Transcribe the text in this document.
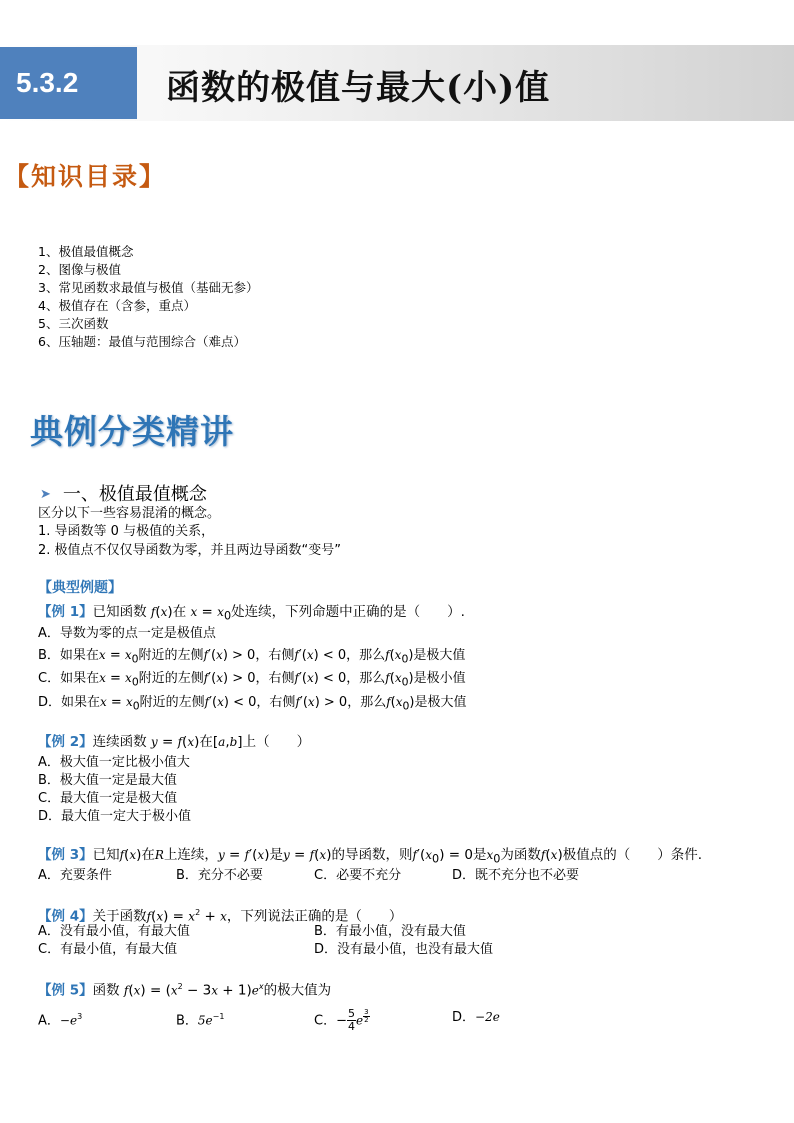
5.3.2	函数的极值与最大(小)值
【知识目录】
1、极值最值概念
2、图像与极值
3、常见函数求最值与极值（基础无参）
4、极值存在（含参，重点）
5、三次函数
6、压轴题：最值与范围综合（难点）
典例分类精讲
➤ 一、极值最值概念
区分以下一些容易混淆的概念。
1. 导函数等 0 与极值的关系，
2. 极值点不仅仅导函数为零，并且两边导函数“变号”
【典型例题】
【例 1】已知函数 f(x)在 $x = x_0$处连续，下列命题中正确的是（　　）.
A．导数为零的点一定是极值点
B．如果在$x = x_0$附近的左侧f′(x) > 0，右侧f′(x) < 0，那么$f(x_0)$是极大值
C．如果在$x = x_0$附近的左侧f′(x) > 0，右侧f′(x) < 0，那么$f(x_0)$是极小值
D．如果在$x = x_0$附近的左侧f′(x) < 0，右侧f′(x) > 0，那么$f(x_0)$是极大值
【例 2】连续函数 y = f(x)在[a,b]上（　　）
A．极大值一定比极小值大
B．极大值一定是最大值
C．最大值一定是极大值
D．最大值一定大于极小值
【例 3】已知f(x)在R上连续，y = f′(x)是y = f(x)的导函数，则$f'(x_0) = 0$是$x_0$为函数f(x)极值点的（　　）条件.
A．充要条件	B．充分不必要	C．必要不充分	D．既不充分也不必要
【例 4】关于函数$f(x) = x^2 + x$，下列说法正确的是（　　）
A．没有最小值，有最大值	B．有最小值，没有最大值
C．有最小值，有最大值	D．没有最小值，也没有最大值
【例 5】函数 $f(x) = (x^2 - 3x + 1)e^x$的极大值为
A．$-e^3$	B．$5e^{-1}$	C．− $\frac{5}{4}$ e $^{\frac{3}{2}}$	D．−2e
